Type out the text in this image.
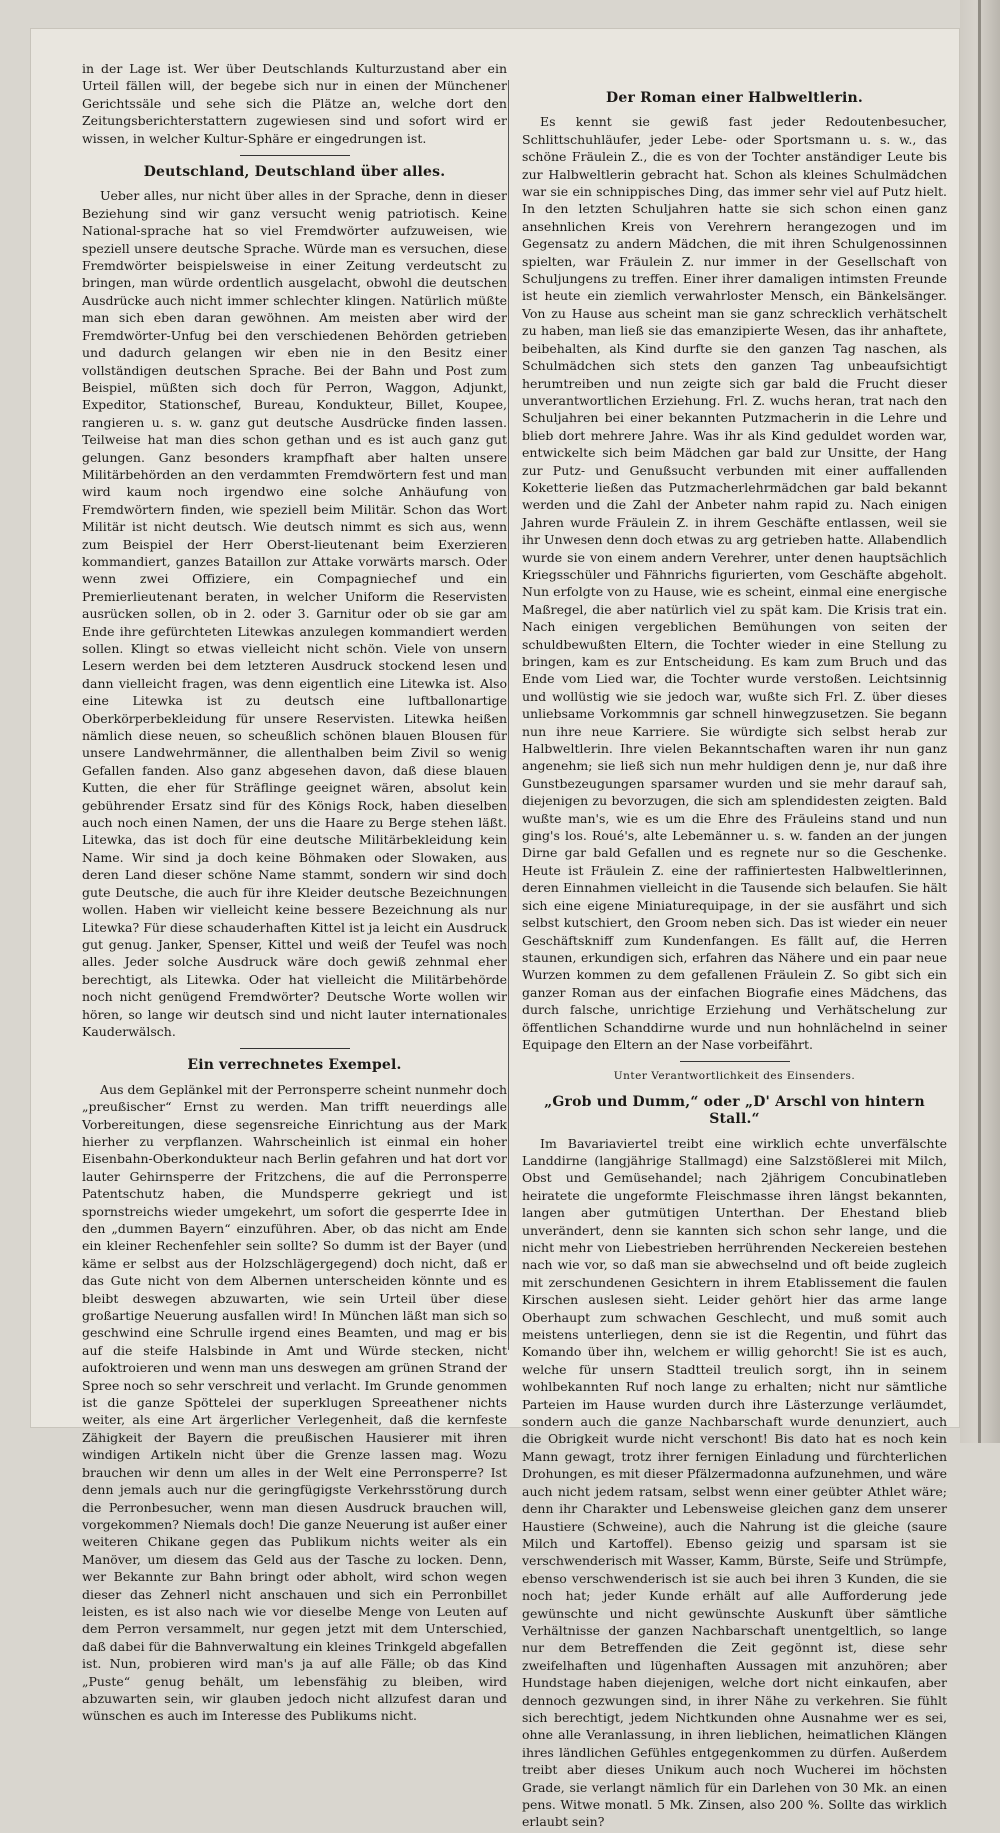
in der Lage ist. Wer über Deutschlands Kulturzustand aber ein Urteil fällen will, der begebe sich nur in einen der Münchener Gerichtssäle und sehe sich die Plätze an, welche dort den Zeitungsberichterstattern zugewiesen sind und sofort wird er wissen, in welcher Kultur-Sphäre er eingedrungen ist.

Deutschland, Deutschland über alles.

Ueber alles, nur nicht über alles in der Sprache, denn in dieser Beziehung sind wir ganz versucht wenig patriotisch. Keine National-sprache hat so viel Fremdwörter aufzuweisen, wie speziell unsere deutsche Sprache. Würde man es versuchen, diese Fremdwörter beispielsweise in einer Zeitung verdeutscht zu bringen, man würde ordentlich ausgelacht, obwohl die deutschen Ausdrücke auch nicht immer schlechter klingen. Natürlich müßte man sich eben daran gewöhnen. Am meisten aber wird der Fremdwörter-Unfug bei den verschiedenen Behörden getrieben und dadurch gelangen wir eben nie in den Besitz einer vollständigen deutschen Sprache. Bei der Bahn und Post zum Beispiel, müßten sich doch für Perron, Waggon, Adjunkt, Expeditor, Stationschef, Bureau, Kondukteur, Billet, Koupee, rangieren u. s. w. ganz gut deutsche Ausdrücke finden lassen. Teilweise hat man dies schon gethan und es ist auch ganz gut gelungen. Ganz besonders krampfhaft aber halten unsere Militärbehörden an den verdammten Fremdwörtern fest und man wird kaum noch irgendwo eine solche Anhäufung von Fremdwörtern finden, wie speziell beim Militär. Schon das Wort Militär ist nicht deutsch. Wie deutsch nimmt es sich aus, wenn zum Beispiel der Herr Oberst-lieutenant beim Exerzieren kommandiert, ganzes Bataillon zur Attake vorwärts marsch. Oder wenn zwei Offiziere, ein Compagniechef und ein Premierlieutenant beraten, in welcher Uniform die Reservisten ausrücken sollen, ob in 2. oder 3. Garnitur oder ob sie gar am Ende ihre gefürchteten Litewkas anzulegen kommandiert werden sollen. Klingt so etwas vielleicht nicht schön. Viele von unsern Lesern werden bei dem letzteren Ausdruck stockend lesen und dann vielleicht fragen, was denn eigentlich eine Litewka ist. Also eine Litewka ist zu deutsch eine luftballonartige Oberkörperbekleidung für unsere Reservisten. Litewka heißen nämlich diese neuen, so scheußlich schönen blauen Blousen für unsere Landwehrmänner, die allenthalben beim Zivil so wenig Gefallen fanden. Also ganz abgesehen davon, daß diese blauen Kutten, die eher für Sträflinge geeignet wären, absolut kein gebührender Ersatz sind für des Königs Rock, haben dieselben auch noch einen Namen, der uns die Haare zu Berge stehen läßt. Litewka, das ist doch für eine deutsche Militärbekleidung kein Name. Wir sind ja doch keine Böhmaken oder Slowaken, aus deren Land dieser schöne Name stammt, sondern wir sind doch gute Deutsche, die auch für ihre Kleider deutsche Bezeichnungen wollen. Haben wir vielleicht keine bessere Bezeichnung als nur Litewka? Für diese schauderhaften Kittel ist ja leicht ein Ausdruck gut genug. Janker, Spenser, Kittel und weiß der Teufel was noch alles. Jeder solche Ausdruck wäre doch gewiß zehnmal eher berechtigt, als Litewka. Oder hat vielleicht die Militärbehörde noch nicht genügend Fremdwörter? Deutsche Worte wollen wir hören, so lange wir deutsch sind und nicht lauter internationales Kauderwälsch.

Ein verrechnetes Exempel.

Aus dem Geplänkel mit der Perronsperre scheint nunmehr doch „preußischer“ Ernst zu werden. Man trifft neuerdings alle Vorbereitungen, diese segensreiche Einrichtung aus der Mark hierher zu verpflanzen. Wahrscheinlich ist einmal ein hoher Eisenbahn-Oberkondukteur nach Berlin gefahren und hat dort vor lauter Gehirnsperre der Fritzchens, die auf die Perronsperre Patentschutz haben, die Mundsperre gekriegt und ist spornstreichs wieder umgekehrt, um sofort die gesperrte Idee in den „dummen Bayern“ einzuführen. Aber, ob das nicht am Ende ein kleiner Rechenfehler sein sollte? So dumm ist der Bayer (und käme er selbst aus der Holzschlägergegend) doch nicht, daß er das Gute nicht von dem Albernen unterscheiden könnte und es bleibt deswegen abzuwarten, wie sein Urteil über diese großartige Neuerung ausfallen wird! In München läßt man sich so geschwind eine Schrulle irgend eines Beamten, und mag er bis auf die steife Halsbinde in Amt und Würde stecken, nicht aufoktroieren und wenn man uns deswegen am grünen Strand der Spree noch so sehr verschreit und verlacht. Im Grunde genommen ist die ganze Spöttelei der superklugen Spreeathener nichts weiter, als eine Art ärgerlicher Verlegenheit, daß die kernfeste Zähigkeit der Bayern die preußischen Hausierer mit ihren windigen Artikeln nicht über die Grenze lassen mag. Wozu brauchen wir denn um alles in der Welt eine Perronsperre? Ist denn jemals auch nur die geringfügigste Verkehrsstörung durch die Perronbesucher, wenn man diesen Ausdruck brauchen will, vorgekommen? Niemals doch! Die ganze Neuerung ist außer einer weiteren Chikane gegen das Publikum nichts weiter als ein Manöver, um diesem das Geld aus der Tasche zu locken. Denn, wer Bekannte zur Bahn bringt oder abholt, wird schon wegen dieser das Zehnerl nicht anschauen und sich ein Perronbillet leisten, es ist also nach wie vor dieselbe Menge von Leuten auf dem Perron versammelt, nur gegen jetzt mit dem Unterschied, daß dabei für die Bahnverwaltung ein kleines Trinkgeld abgefallen ist. Nun, probieren wird man's ja auf alle Fälle; ob das Kind „Puste“ genug behält, um lebensfähig zu bleiben, wird abzuwarten sein, wir glauben jedoch nicht allzufest daran und wünschen es auch im Interesse des Publikums nicht.

Der Roman einer Halbweltlerin.

Es kennt sie gewiß fast jeder Redoutenbesucher, Schlittschuhläufer, jeder Lebe- oder Sportsmann u. s. w., das schöne Fräulein Z., die es von der Tochter anständiger Leute bis zur Halbweltlerin gebracht hat. Schon als kleines Schulmädchen war sie ein schnippisches Ding, das immer sehr viel auf Putz hielt. In den letzten Schuljahren hatte sie sich schon einen ganz ansehnlichen Kreis von Verehrern herangezogen und im Gegensatz zu andern Mädchen, die mit ihren Schulgenossinnen spielten, war Fräulein Z. nur immer in der Gesellschaft von Schuljungens zu treffen. Einer ihrer damaligen intimsten Freunde ist heute ein ziemlich verwahrloster Mensch, ein Bänkelsänger. Von zu Hause aus scheint man sie ganz schrecklich verhätschelt zu haben, man ließ sie das emanzipierte Wesen, das ihr anhaftete, beibehalten, als Kind durfte sie den ganzen Tag naschen, als Schulmädchen sich stets den ganzen Tag unbeaufsichtigt herumtreiben und nun zeigte sich gar bald die Frucht dieser unverantwortlichen Erziehung. Frl. Z. wuchs heran, trat nach den Schuljahren bei einer bekannten Putzmacherin in die Lehre und blieb dort mehrere Jahre. Was ihr als Kind geduldet worden war, entwickelte sich beim Mädchen gar bald zur Unsitte, der Hang zur Putz- und Genußsucht verbunden mit einer auffallenden Koketterie ließen das Putzmacherlehrmädchen gar bald bekannt werden und die Zahl der Anbeter nahm rapid zu. Nach einigen Jahren wurde Fräulein Z. in ihrem Geschäfte entlassen, weil sie ihr Unwesen denn doch etwas zu arg getrieben hatte. Allabendlich wurde sie von einem andern Verehrer, unter denen hauptsächlich Kriegsschüler und Fähnrichs figurierten, vom Geschäfte abgeholt. Nun erfolgte von zu Hause, wie es scheint, einmal eine energische Maßregel, die aber natürlich viel zu spät kam. Die Krisis trat ein. Nach einigen vergeblichen Bemühungen von seiten der schuldbewußten Eltern, die Tochter wieder in eine Stellung zu bringen, kam es zur Entscheidung. Es kam zum Bruch und das Ende vom Lied war, die Tochter wurde verstoßen. Leichtsinnig und wollüstig wie sie jedoch war, wußte sich Frl. Z. über dieses unliebsame Vorkommnis gar schnell hinwegzusetzen. Sie begann nun ihre neue Karriere. Sie würdigte sich selbst herab zur Halbweltlerin. Ihre vielen Bekanntschaften waren ihr nun ganz angenehm; sie ließ sich nun mehr huldigen denn je, nur daß ihre Gunstbezeugungen sparsamer wurden und sie mehr darauf sah, diejenigen zu bevorzugen, die sich am splendidesten zeigten. Bald wußte man's, wie es um die Ehre des Fräuleins stand und nun ging's los. Roué's, alte Lebemänner u. s. w. fanden an der jungen Dirne gar bald Gefallen und es regnete nur so die Geschenke. Heute ist Fräulein Z. eine der raffiniertesten Halbweltlerinnen, deren Einnahmen vielleicht in die Tausende sich belaufen. Sie hält sich eine eigene Miniaturequipage, in der sie ausfährt und sich selbst kutschiert, den Groom neben sich. Das ist wieder ein neuer Geschäftskniff zum Kundenfangen. Es fällt auf, die Herren staunen, erkundigen sich, erfahren das Nähere und ein paar neue Wurzen kommen zu dem gefallenen Fräulein Z. So gibt sich ein ganzer Roman aus der einfachen Biografie eines Mädchens, das durch falsche, unrichtige Erziehung und Verhätschelung zur öffentlichen Schanddirne wurde und nun hohnlächelnd in seiner Equipage den Eltern an der Nase vorbeifährt.

Unter Verantwortlichkeit des Einsenders.
„Grob und Dumm,“ oder „D' Arschl von hintern Stall.“

Im Bavariaviertel treibt eine wirklich echte unverfälschte Landdirne (langjährige Stallmagd) eine Salzstößlerei mit Milch, Obst und Gemüsehandel; nach 2jährigem Concubinatleben heiratete die ungeformte Fleischmasse ihren längst bekannten, langen aber gutmütigen Unterthan. Der Ehestand blieb unverändert, denn sie kannten sich schon sehr lange, und die nicht mehr von Liebestrieben herrührenden Neckereien bestehen nach wie vor, so daß man sie abwechselnd und oft beide zugleich mit zerschundenen Gesichtern in ihrem Etablissement die faulen Kirschen auslesen sieht. Leider gehört hier das arme lange Oberhaupt zum schwachen Geschlecht, und muß somit auch meistens unterliegen, denn sie ist die Regentin, und führt das Komando über ihn, welchem er willig gehorcht! Sie ist es auch, welche für unsern Stadtteil treulich sorgt, ihn in seinem wohlbekannten Ruf noch lange zu erhalten; nicht nur sämtliche Parteien im Hause wurden durch ihre Lästerzunge verläumdet, sondern auch die ganze Nachbarschaft wurde denunziert, auch die Obrigkeit wurde nicht verschont! Bis dato hat es noch kein Mann gewagt, trotz ihrer fernigen Einladung und fürchterlichen Drohungen, es mit dieser Pfälzermadonna aufzunehmen, und wäre auch nicht jedem ratsam, selbst wenn einer geübter Athlet wäre; denn ihr Charakter und Lebensweise gleichen ganz dem unserer Haustiere (Schweine), auch die Nahrung ist die gleiche (saure Milch und Kartoffel). Ebenso geizig und sparsam ist sie verschwenderisch mit Wasser, Kamm, Bürste, Seife und Strümpfe, ebenso verschwenderisch ist sie auch bei ihren 3 Kunden, die sie noch hat; jeder Kunde erhält auf alle Aufforderung jede gewünschte und nicht gewünschte Auskunft über sämtliche Verhältnisse der ganzen Nachbarschaft unentgeltlich, so lange nur dem Betreffenden die Zeit gegönnt ist, diese sehr zweifelhaften und lügenhaften Aussagen mit anzuhören; aber Hundstage haben diejenigen, welche dort nicht einkaufen, aber dennoch gezwungen sind, in ihrer Nähe zu verkehren. Sie fühlt sich berechtigt, jedem Nichtkunden ohne Ausnahme wer es sei, ohne alle Veranlassung, in ihren lieblichen, heimatlichen Klängen ihres ländlichen Gefühles entgegenkommen zu dürfen. Außerdem treibt aber dieses Unikum auch noch Wucherei im höchsten Grade, sie verlangt nämlich für ein Darlehen von 30 Mk. an einen pens. Witwe monatl. 5 Mk. Zinsen, also 200 %. Sollte das wirklich erlaubt sein?
